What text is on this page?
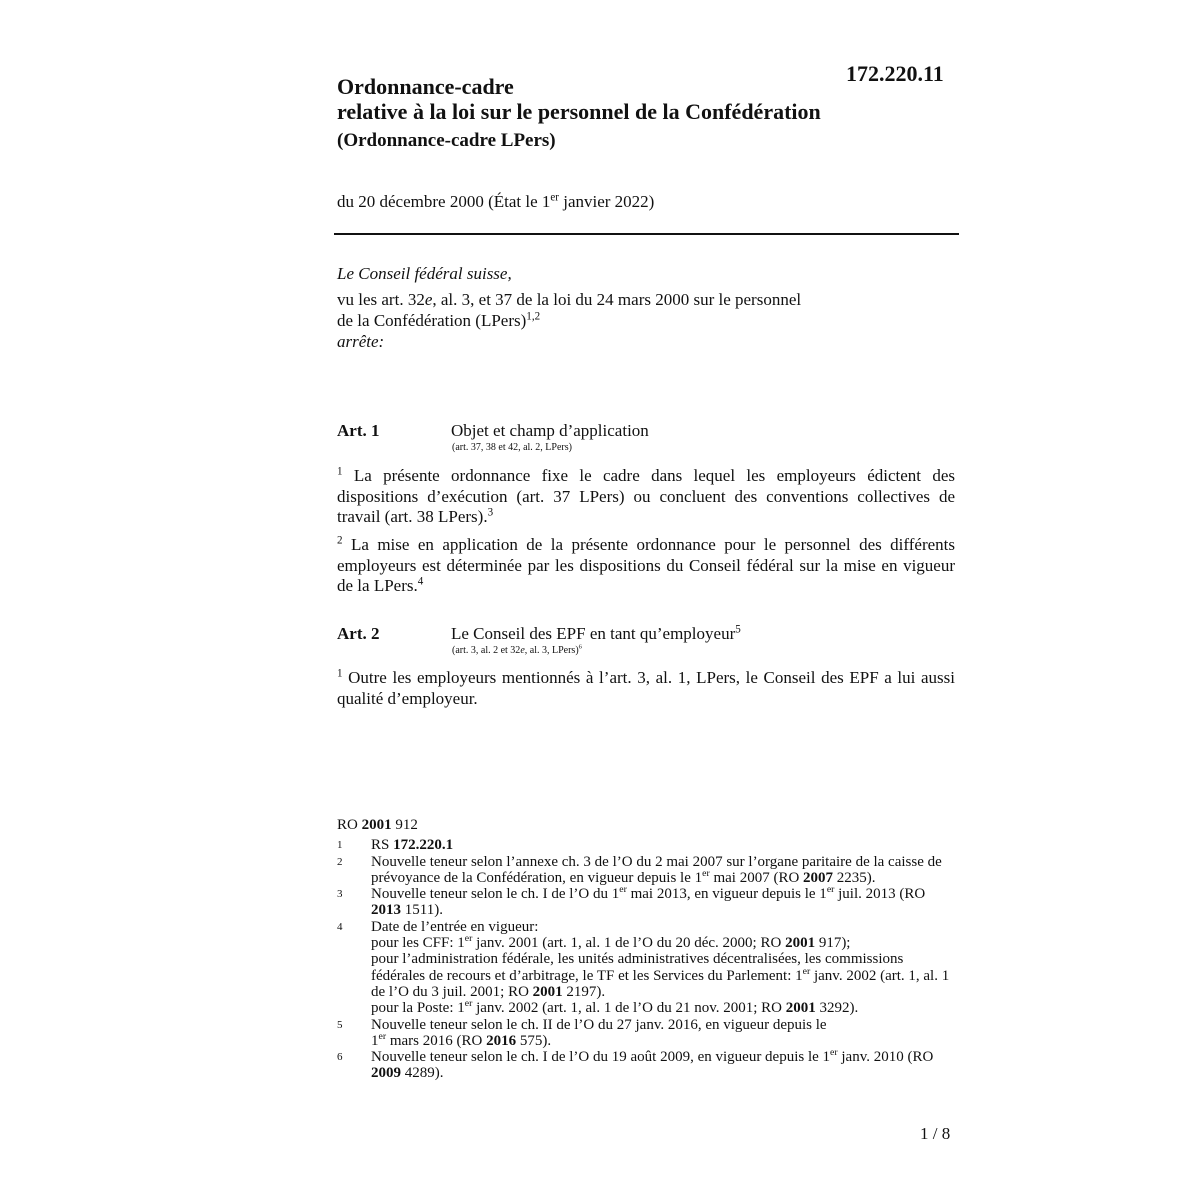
172.220.11
Ordonnance-cadre
relative à la loi sur le personnel de la Confédération
(Ordonnance-cadre LPers)
du 20 décembre 2000 (État le 1er janvier 2022)

Le Conseil fédéral suisse,

vu les art. 32e, al. 3, et 37 de la loi du 24 mars 2000 sur le personnel
de la Confédération (LPers)$^{1,2}$

arrête:

Art. 1	Objet et champ d’application
(art. 37, 38 et 42, al. 2, LPers)
$^1$ La présente ordonnance fixe le cadre dans lequel les employeurs édictent des dispositions d’exécution (art. 37 LPers) ou concluent des conventions collectives de travail (art. 38 LPers).$^3$
$^2$ La mise en application de la présente ordonnance pour le personnel des différents employeurs est déterminée par les dispositions du Conseil fédéral sur la mise en vigueur de la LPers.$^4$
Art. 2	Le Conseil des EPF en tant qu’employeur$^5$
(art. 3, al. 2 et 32e, al. 3, LPers)$^6$
$^1$ Outre les employeurs mentionnés à l’art. 3, al. 1, LPers, le Conseil des EPF a lui aussi qualité d’employeur.
RO 2001 912
1 RS 172.220.1
2 Nouvelle teneur selon l’annexe ch. 3 de l’O du 2 mai 2007 sur l’organe paritaire de la caisse de prévoyance de la Confédération, en vigueur depuis le 1er mai 2007 (RO 2007 2235).
3 Nouvelle teneur selon le ch. I de l’O du 1er mai 2013, en vigueur depuis le 1er juil. 2013 (RO 2013 1511).
4 Date de l’entrée en vigueur:
pour les CFF: 1er janv. 2001 (art. 1, al. 1 de l’O du 20 déc. 2000; RO 2001 917);
pour l’administration fédérale, les unités administratives décentralisées, les commissions fédérales de recours et d’arbitrage, le TF et les Services du Parlement: 1er janv. 2002 (art. 1, al. 1 de l’O du 3 juil. 2001; RO 2001 2197).
pour la Poste: 1er janv. 2002 (art. 1, al. 1 de l’O du 21 nov. 2001; RO 2001 3292).
5 Nouvelle teneur selon le ch. II de l’O du 27 janv. 2016, en vigueur depuis le
1er mars 2016 (RO 2016 575).
6 Nouvelle teneur selon le ch. I de l’O du 19 août 2009, en vigueur depuis le 1er janv. 2010 (RO 2009 4289).
1 / 8
